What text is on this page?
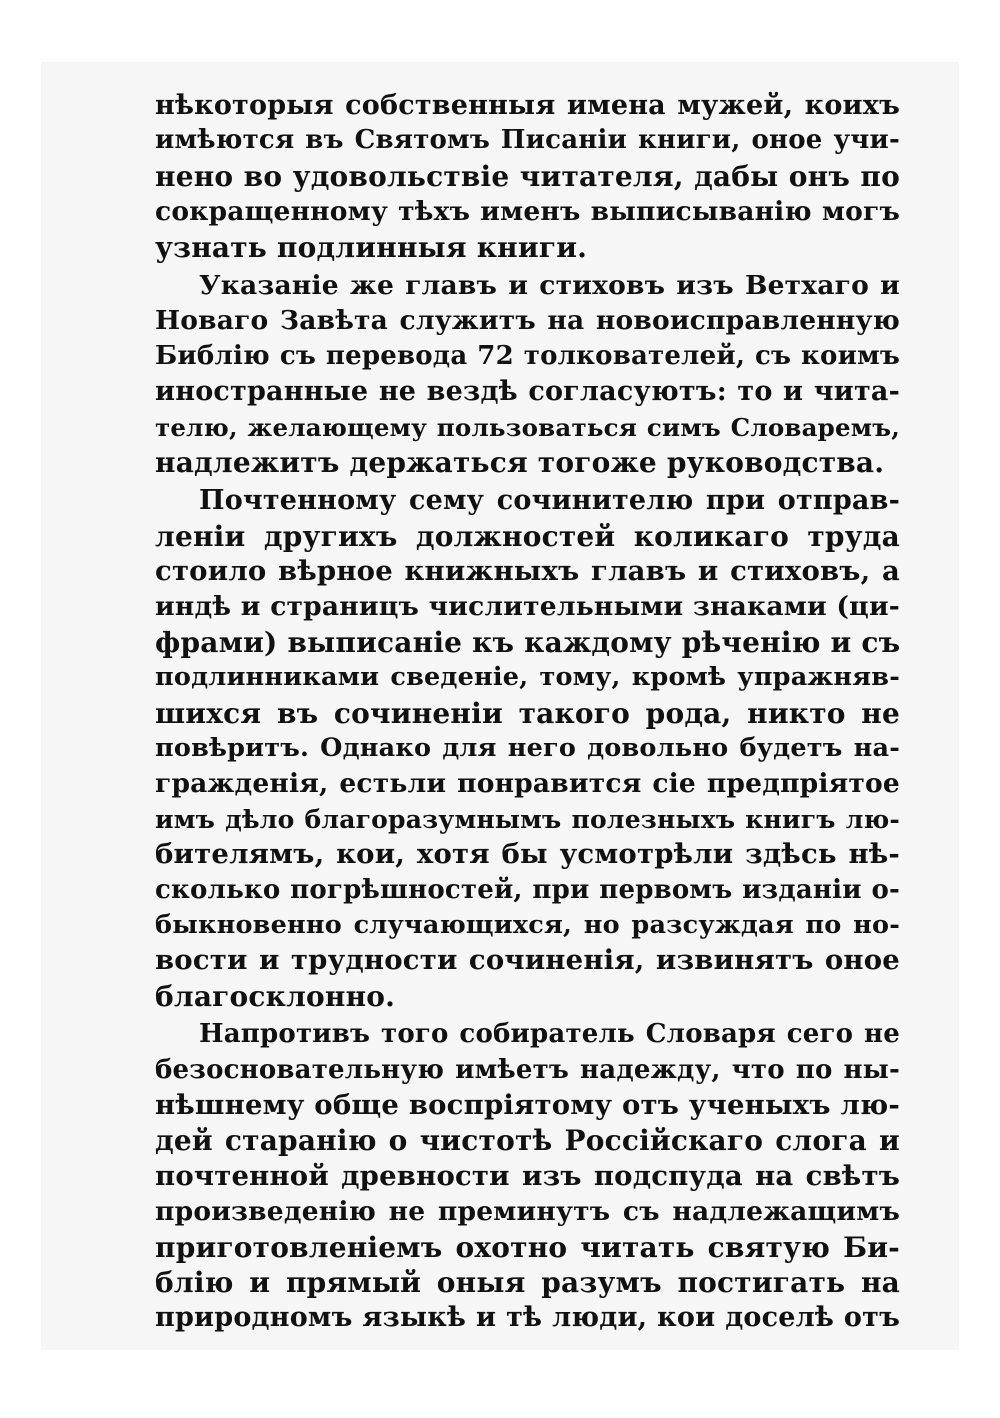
нѣкоторыя собственныя имена мужей, коихъ
имѣются въ Святомъ Писаніи книги, оное учи-
нено во удовольствіе читателя, дабы онъ по
сокращенному тѣхъ именъ выписыванію могъ
узнать подлинныя книги.
Указаніе же главъ и стиховъ изъ Ветхаго и
Новаго Завѣта служитъ на новоисправленную
Библію съ перевода 72 толкователей, съ коимъ
иностранные не вездѣ согласуютъ: то и чита-
телю, желающему пользоваться симъ Словаремъ,
надлежитъ держаться тогоже руководства.
Почтенному сему сочинителю при отправ-
леніи другихъ должностей коликаго труда
стоило вѣрное книжныхъ главъ и стиховъ, а
индѣ и страницъ числительными знаками (ци-
фрами) выписаніе къ каждому рѣченію и съ
подлинниками сведеніе, тому, кромѣ упражняв-
шихся въ сочиненіи такого рода, никто не
повѣритъ. Однако для него довольно будетъ на-
гражденія, естьли понравится сіе предпріятое
имъ дѣло благоразумнымъ полезныхъ книгъ лю-
бителямъ, кои, хотя бы усмотрѣли здѣсь нѣ-
сколько погрѣшностей, при первомъ изданіи о-
быкновенно случающихся, но разсуждая по но-
вости и трудности сочиненія, извинятъ оное
благосклонно.
Напротивъ того собиратель Словаря сего не
безосновательную имѣетъ надежду, что по ны-
нѣшнему обще воспріятому отъ ученыхъ лю-
дей старанію о чистотѣ Россійскаго слога и
почтенной древности изъ подспуда на свѣтъ
произведенію не преминутъ съ надлежащимъ
приготовленіемъ охотно читать святую Би-
блію и прямый оныя разумъ постигать на
природномъ языкѣ и тѣ люди, кои доселѣ отъ
